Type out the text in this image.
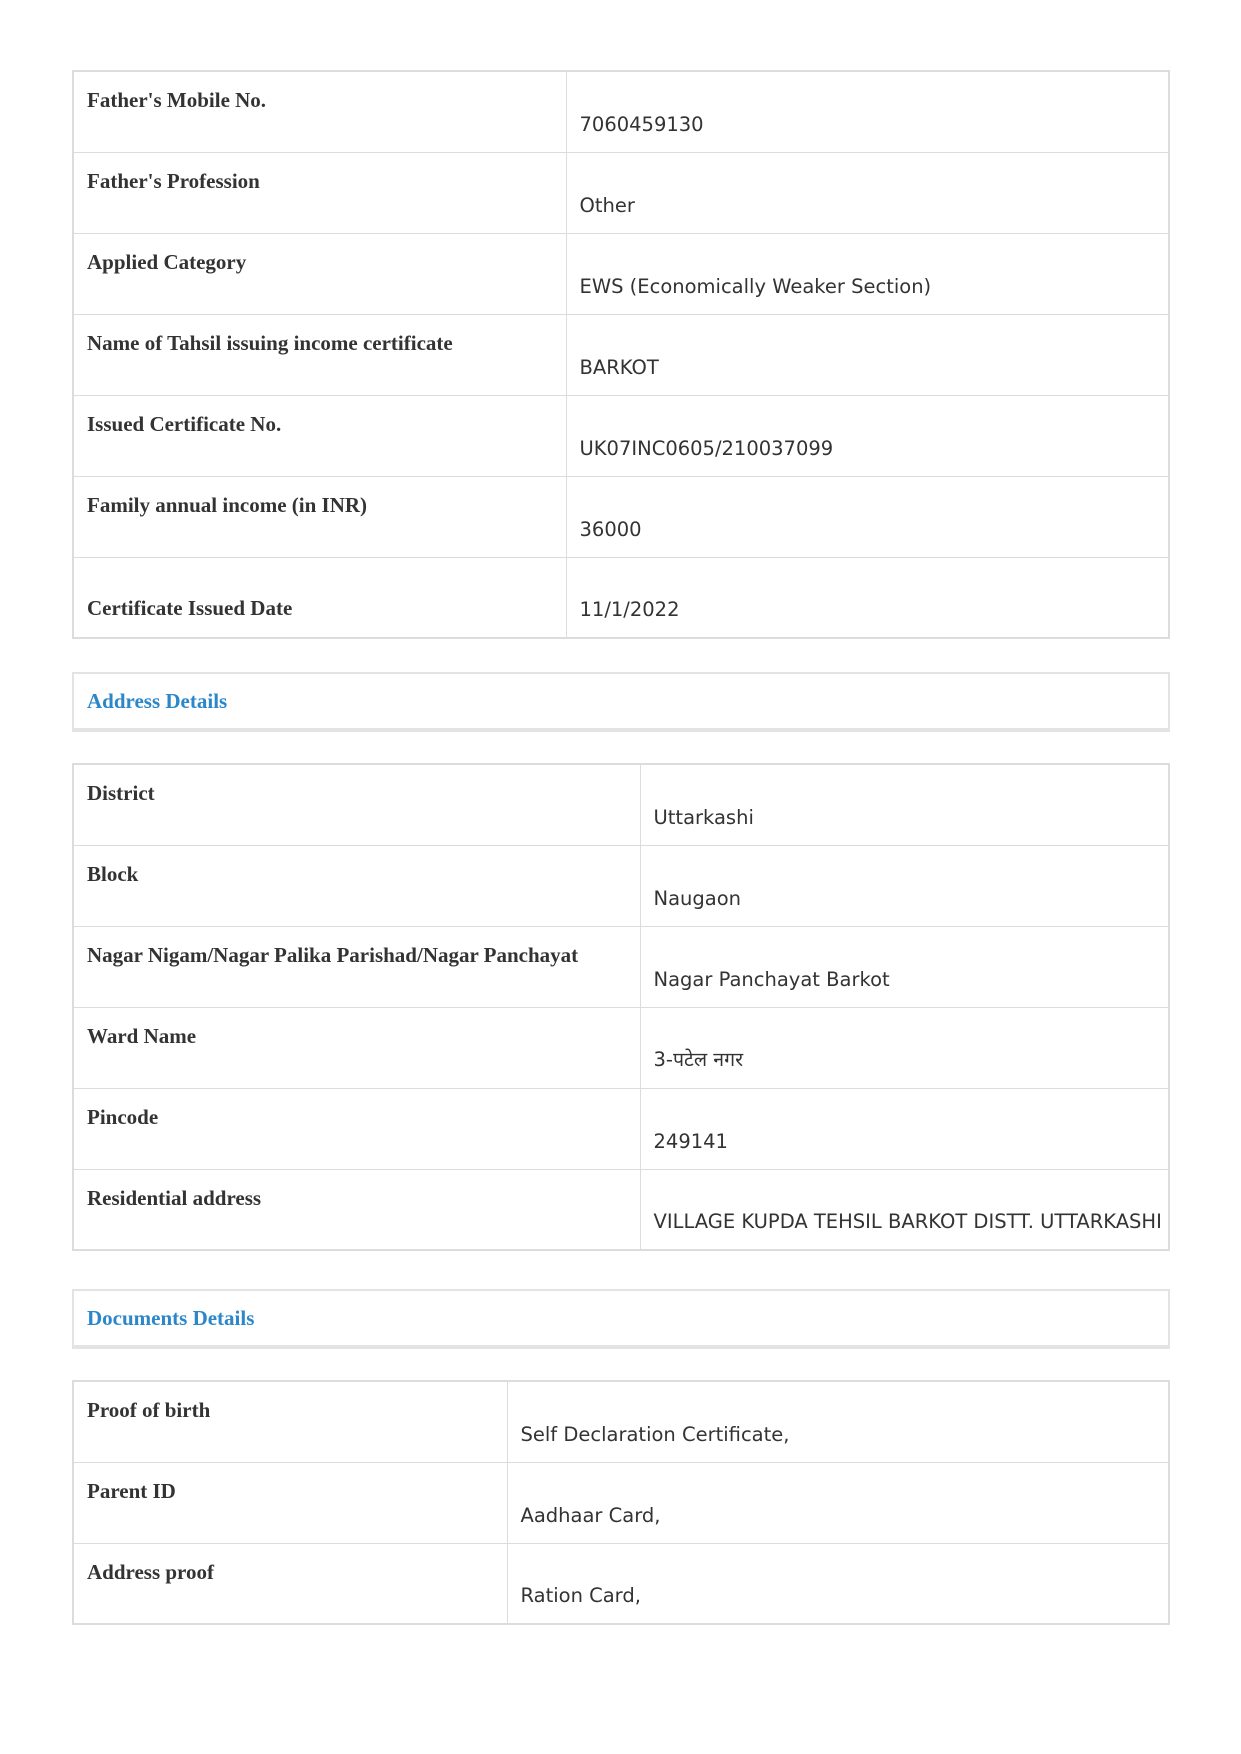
Father's Mobile No.	7060459130
Father's Profession	Other
Applied Category	EWS (Economically Weaker Section)
Name of Tahsil issuing income certificate	BARKOT
Issued Certificate No.	UK07INC0605/210037099
Family annual income (in INR)	36000
Certificate Issued Date	11/1/2022
Address Details
District	Uttarkashi
Block	Naugaon
Nagar Nigam/Nagar Palika Parishad/Nagar Panchayat	Nagar Panchayat Barkot
Ward Name	3-पटेल नगर
Pincode	249141
Residential address	VILLAGE KUPDA TEHSIL BARKOT DISTT. UTTARKASHI
Documents Details
Proof of birth	Self Declaration Certificate,
Parent ID	Aadhaar Card,
Address proof	Ration Card,
